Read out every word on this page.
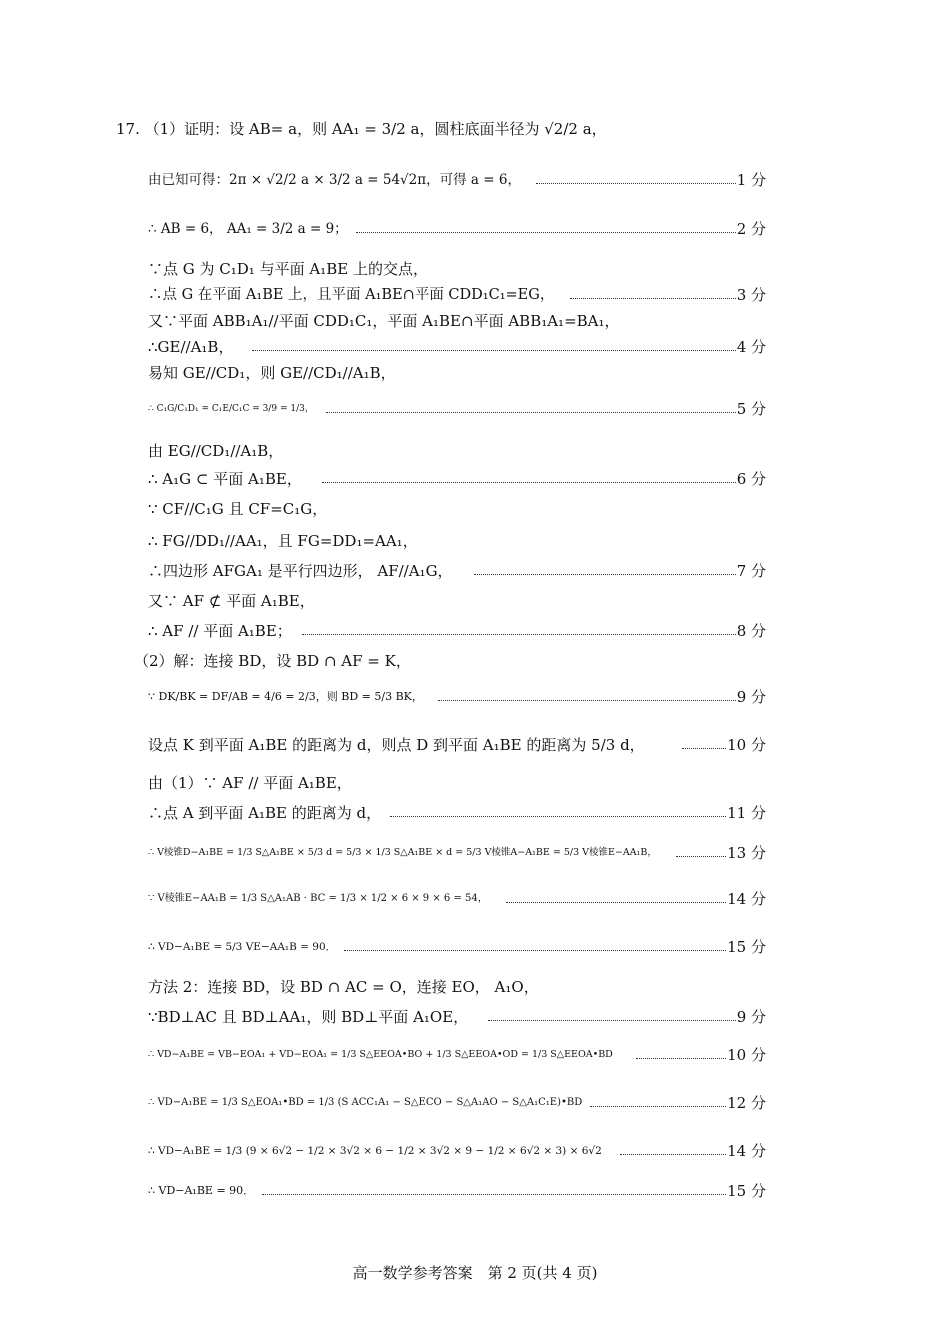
17. （1）证明：设 AB= a，则 AA₁ = 3/2 a，圆柱底面半径为 √2/2 a，
由已知可得：2π × √2/2 a × 3/2 a = 54√2π，可得 a = 6，	1 分
∴ AB = 6， AA₁ = 3/2 a = 9；	2 分
∵点 G 为 C₁D₁ 与平面 A₁BE 上的交点，
∴点 G 在平面 A₁BE 上，且平面 A₁BE∩平面 CDD₁C₁=EG，	3 分
又∵平面 ABB₁A₁//平面 CDD₁C₁，平面 A₁BE∩平面 ABB₁A₁=BA₁，
∴GE//A₁B，	4 分
易知 GE//CD₁，则 GE//CD₁//A₁B，
∴ C₁G/C₁D₁ = C₁E/C₁C = 3/9 = 1/3，	5 分
由 EG//CD₁//A₁B，
∴ A₁G ⊂ 平面 A₁BE，	6 分
∵ CF//C₁G 且 CF=C₁G，
∴ FG//DD₁//AA₁，且 FG=DD₁=AA₁，
∴四边形 AFGA₁ 是平行四边形， AF//A₁G，	7 分
又∵ AF ⊄ 平面 A₁BE，
∴ AF // 平面 A₁BE；	8 分
（2）解：连接 BD，设 BD ∩ AF = K，
∵ DK/BK = DF/AB = 4/6 = 2/3，则 BD = 5/3 BK，	9 分
设点 K 到平面 A₁BE 的距离为 d，则点 D 到平面 A₁BE 的距离为 5/3 d，	10 分
由（1）∵ AF // 平面 A₁BE，
∴点 A 到平面 A₁BE 的距离为 d，	11 分
∴ V棱锥D−A₁BE = 1/3 S△A₁BE × 5/3 d = 5/3 × 1/3 S△A₁BE × d = 5/3 V棱锥A−A₁BE = 5/3 V棱锥E−AA₁B，	13 分
∵ V棱锥E−AA₁B = 1/3 S△A₁AB · BC = 1/3 × 1/2 × 6 × 9 × 6 = 54，	14 分
∴ VD−A₁BE = 5/3 VE−AA₁B = 90．	15 分
方法 2：连接 BD，设 BD ∩ AC = O，连接 EO， A₁O，
∵BD⊥AC 且 BD⊥AA₁，则 BD⊥平面 A₁OE，	9 分
∴ VD−A₁BE = VB−EOA₁ + VD−EOA₁ = 1/3 S△EEOA•BO + 1/3 S△EEOA•OD = 1/3 S△EEOA•BD	10 分
∴ VD−A₁BE = 1/3 S△EOA₁•BD = 1/3 (S ACC₁A₁ − S△ECO − S△A₁AO − S△A₁C₁E)•BD	12 分
∴ VD−A₁BE = 1/3 (9 × 6√2 − 1/2 × 3√2 × 6 − 1/2 × 3√2 × 9 − 1/2 × 6√2 × 3) × 6√2	14 分
∴ VD−A₁BE = 90．	15 分
高一数学参考答案　第 2 页(共 4 页)
